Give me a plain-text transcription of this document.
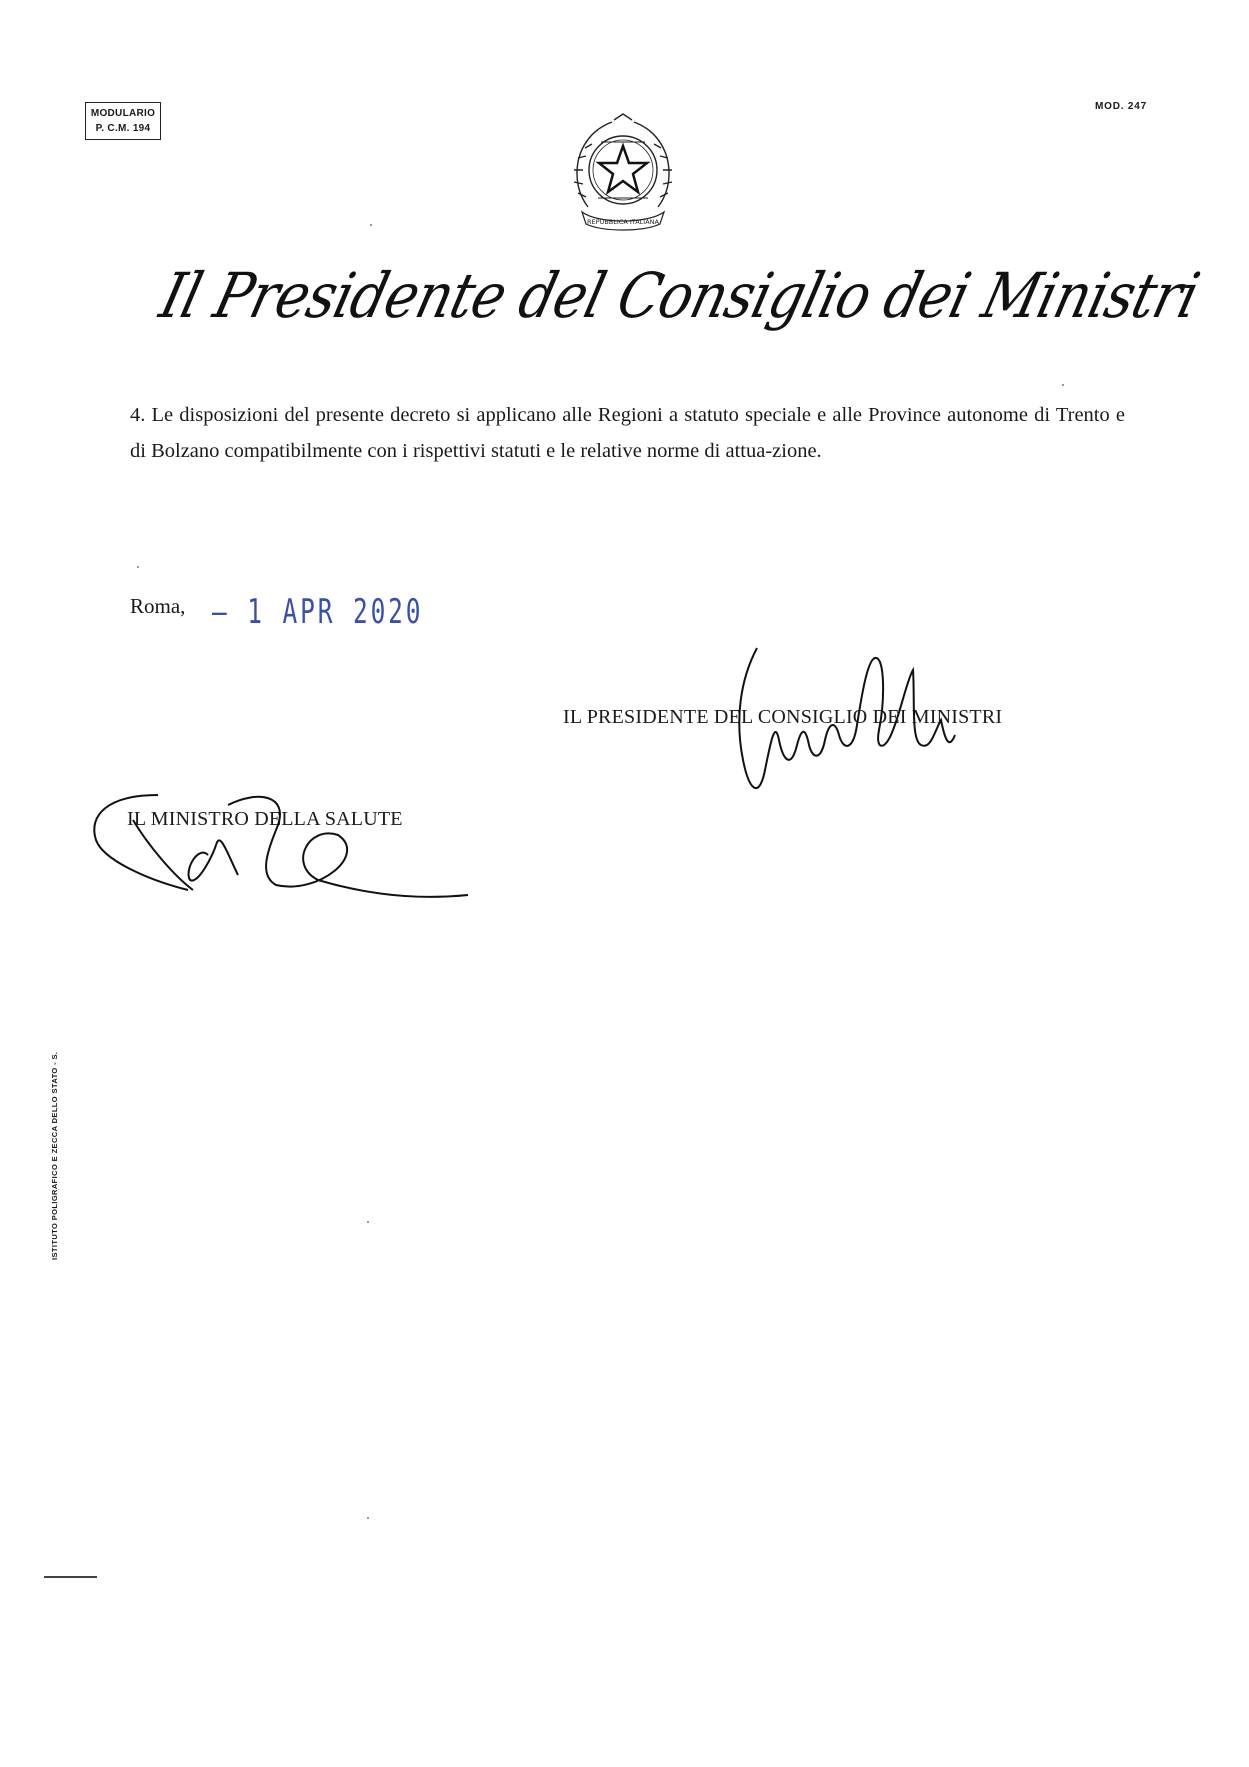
MODULARIO
P. C.M. 194
MOD. 247
REPUBBLICA ITALIANA
Il Presidente del Consiglio dei Ministri

4. Le disposizioni del presente decreto si applicano alle Regioni a statuto speciale e alle Province autonome di Trento e di Bolzano compatibilmente con i rispettivi statuti e le relative norme di attua-zione.

Roma, – 1 APR 2020
IL PRESIDENTE DEL CONSIGLIO DEI MINISTRI
IL MINISTRO DELLA SALUTE
ISTITUTO POLIGRAFICO E ZECCA DELLO STATO - S.
